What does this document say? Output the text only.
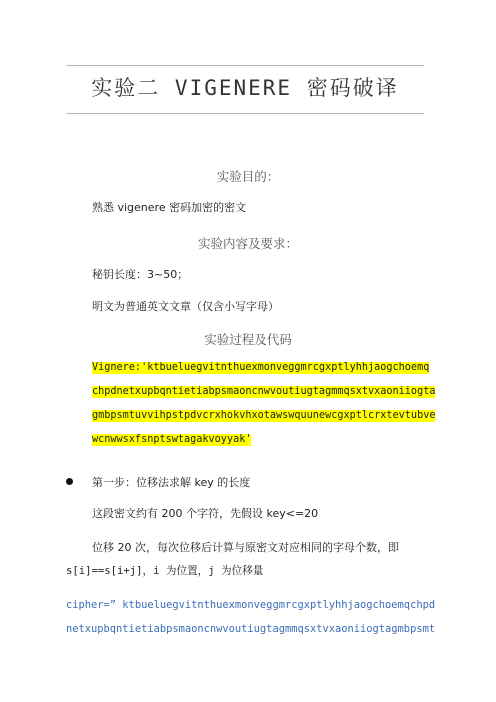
实验二 VIGENERE 密码破译
实验目的：
熟悉 vigenere 密码加密的密文
实验内容及要求：
秘钥长度：3~50；
明文为普通英文文章（仅含小写字母）
实验过程及代码
Vignere:'ktbueluegvitnthuexmonveggmrcgxptlyhhjaogchoemq
chpdnetxupbqntietiabpsmaoncnwvoutiugtagmmqsxtvxaoniiogta
gmbpsmtuvvihpstpdvcrxhokvhxotawswquunewcgxptlcrxtevtubve
wcnwwsxfsnptswtagakvoyyak'
第一步：位移法求解 key 的长度
这段密文约有 200 个字符，先假设 key<=20
位移 20 次，每次位移后计算与原密文对应相同的字母个数，即
s[i]==s[i+j]，i 为位置，j 为位移量
cipher=” ktbueluegvitnthuexmonveggmrcgxptlyhhjaogchoemqchpd
netxupbqntietiabpsmaoncnwvoutiugtagmmqsxtvxaoniiogtagmbpsmt
